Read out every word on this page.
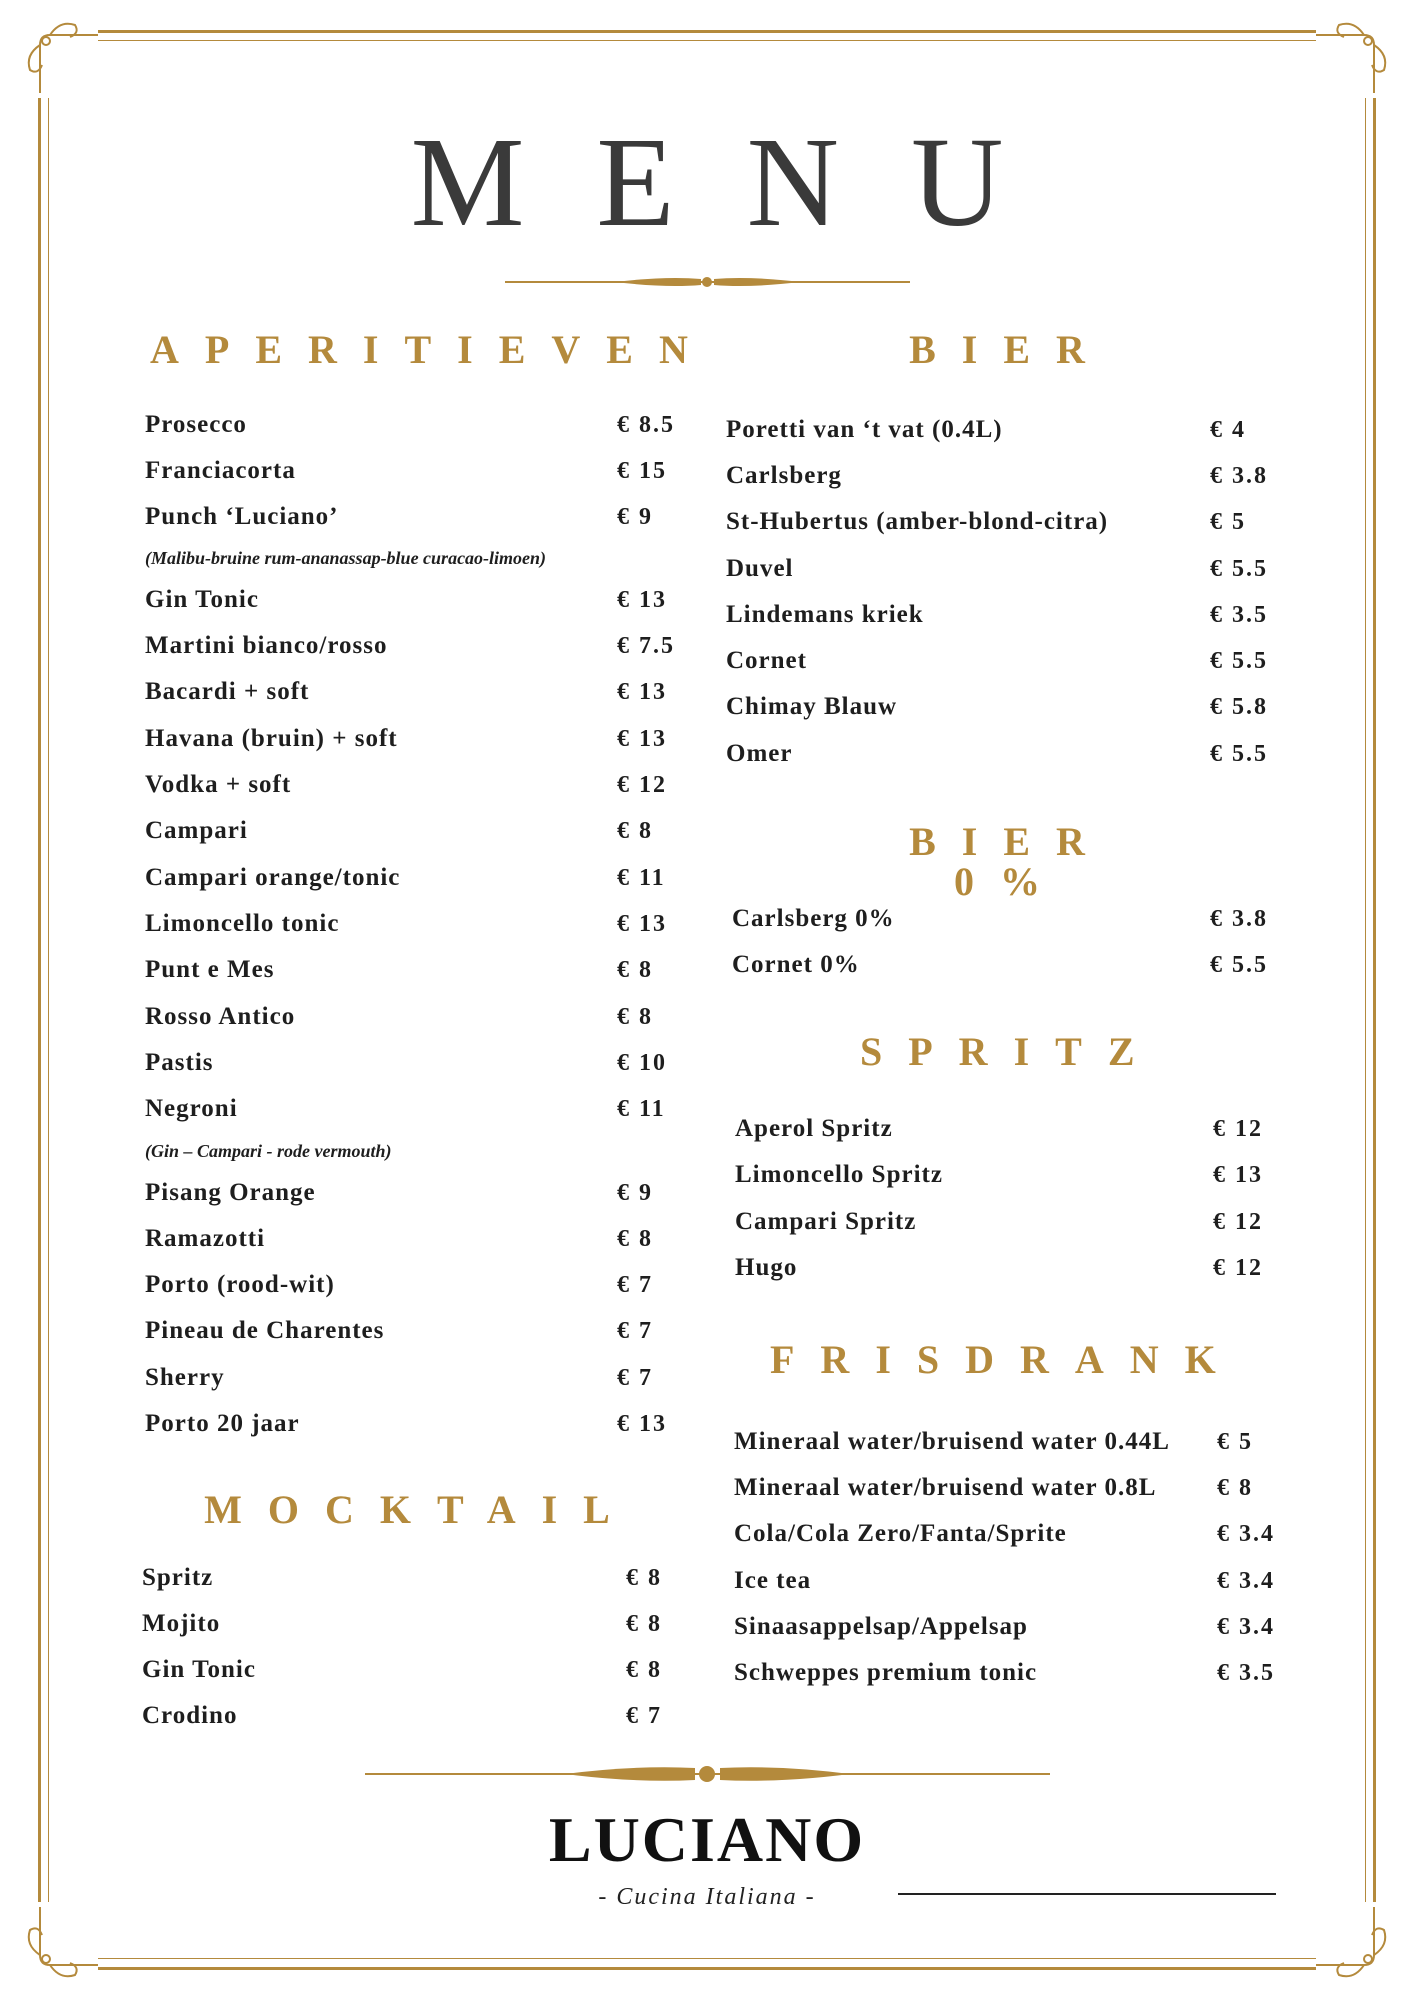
MENU
APERITIEVEN
Prosecco	€ 8.5
Franciacorta	€ 15
Punch ‘Luciano’	€ 9
(Malibu-bruine rum-ananassap-blue curacao-limoen)
Gin Tonic	€ 13
Martini bianco/rosso	€ 7.5
Bacardi + soft	€ 13
Havana (bruin) + soft	€ 13
Vodka + soft	€ 12
Campari	€ 8
Campari orange/tonic	€ 11
Limoncello tonic	€ 13
Punt e Mes	€ 8
Rosso Antico	€ 8
Pastis	€ 10
Negroni	€ 11
(Gin – Campari - rode vermouth)
Pisang Orange	€ 9
Ramazotti	€ 8
Porto (rood-wit)	€ 7
Pineau de Charentes	€ 7
Sherry	€ 7
Porto 20 jaar	€ 13
MOCKTAIL
Spritz	€ 8
Mojito	€ 8
Gin Tonic	€ 8
Crodino	€ 7
BIER
Poretti van ‘t vat (0.4L)	€ 4
Carlsberg	€ 3.8
St-Hubertus (amber-blond-citra)	€ 5
Duvel	€ 5.5
Lindemans kriek	€ 3.5
Cornet	€ 5.5
Chimay Blauw	€ 5.8
Omer	€ 5.5
BIER 0%
Carlsberg 0%	€ 3.8
Cornet 0%	€ 5.5
SPRITZ
Aperol Spritz	€ 12
Limoncello Spritz	€ 13
Campari Spritz	€ 12
Hugo	€ 12
FRISDRANK
Mineraal water/bruisend water 0.44L € 5
Mineraal water/bruisend water 0.8L	€ 8
Cola/Cola Zero/Fanta/Sprite	€ 3.4
Ice tea	€ 3.4
Sinaasappelsap/Appelsap	€ 3.4
Schweppes premium tonic	€ 3.5
LUCIANO
- Cucina Italiana -
